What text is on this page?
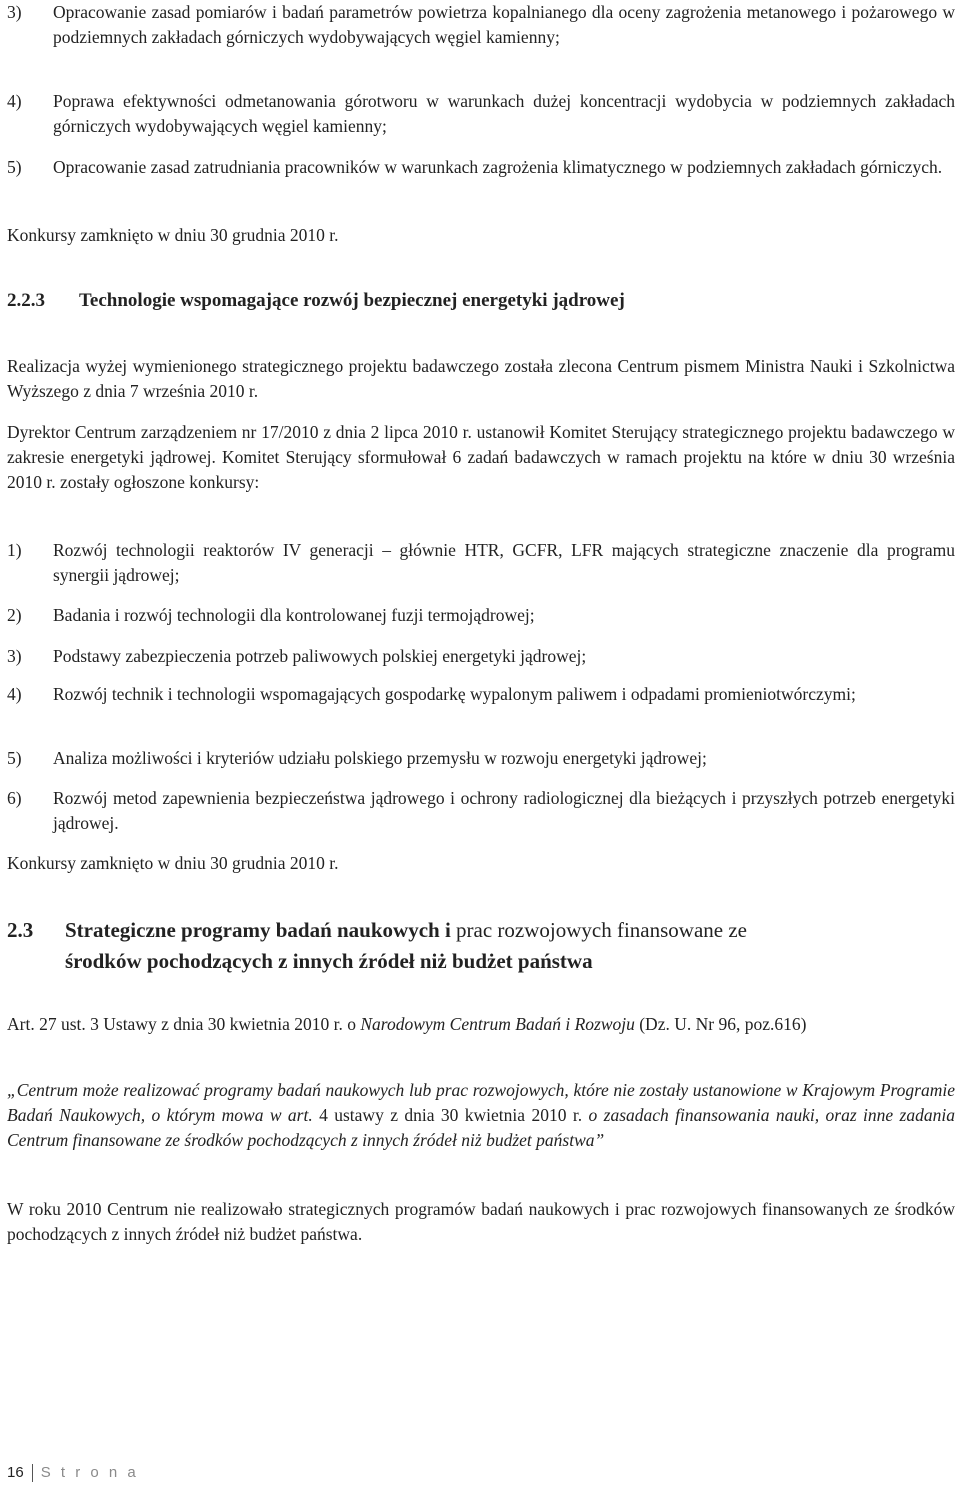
3)	Opracowanie zasad pomiarów i badań parametrów powietrza kopalnianego dla oceny zagrożenia metanowego i pożarowego w podziemnych zakładach górniczych wydobywających węgiel kamienny;
4)	Poprawa efektywności odmetanowania górotworu w warunkach dużej koncentracji wydobycia w podziemnych zakładach górniczych wydobywających węgiel kamienny;
5)	Opracowanie zasad zatrudniania pracowników w warunkach zagrożenia klimatycznego w podziemnych zakładach górniczych.

Konkursy zamknięto w dniu 30 grudnia 2010 r.

2.2.3	Technologie wspomagające rozwój bezpiecznej energetyki jądrowej

Realizacja wyżej wymienionego strategicznego projektu badawczego została zlecona Centrum pismem Ministra Nauki i Szkolnictwa Wyższego z dnia 7 września 2010 r.

Dyrektor Centrum zarządzeniem nr 17/2010 z dnia 2 lipca 2010 r. ustanowił Komitet Sterujący strategicznego projektu badawczego w zakresie energetyki jądrowej. Komitet Sterujący sformułował 6 zadań badawczych w ramach projektu na które w dniu 30 września 2010 r. zostały ogłoszone konkursy:

1)	Rozwój technologii reaktorów IV generacji – głównie HTR, GCFR, LFR mających strategiczne znaczenie dla programu synergii jądrowej;
2)	Badania i rozwój technologii dla kontrolowanej fuzji termojądrowej;
3)	Podstawy zabezpieczenia potrzeb paliwowych polskiej energetyki jądrowej;
4)	Rozwój technik i technologii wspomagających gospodarkę wypalonym paliwem i odpadami promieniotwórczymi;
5)	Analiza możliwości i kryteriów udziału polskiego przemysłu w rozwoju energetyki jądrowej;
6)	Rozwój metod zapewnienia bezpieczeństwa jądrowego i ochrony radiologicznej dla bieżących i przyszłych potrzeb energetyki jądrowej.

Konkursy zamknięto w dniu 30 grudnia 2010 r.

2.3	Strategiczne programy badań naukowych i prac rozwojowych finansowane ze
środków pochodzących z innych źródeł niż budżet państwa

Art. 27 ust. 3 Ustawy z dnia 30 kwietnia 2010 r. o Narodowym Centrum Badań i Rozwoju (Dz. U. Nr 96, poz.616)

„Centrum może realizować programy badań naukowych lub prac rozwojowych, które nie zostały ustanowione w Krajowym Programie Badań Naukowych, o którym mowa w art. 4 ustawy z dnia 30 kwietnia 2010 r. o zasadach finansowania nauki, oraz inne zadania Centrum finansowane ze środków pochodzących z innych źródeł niż budżet państwa”

W roku 2010 Centrum nie realizowało strategicznych programów badań naukowych i prac rozwojowych finansowanych ze środków pochodzących z innych źródeł niż budżet państwa.

16 S t r o n a
